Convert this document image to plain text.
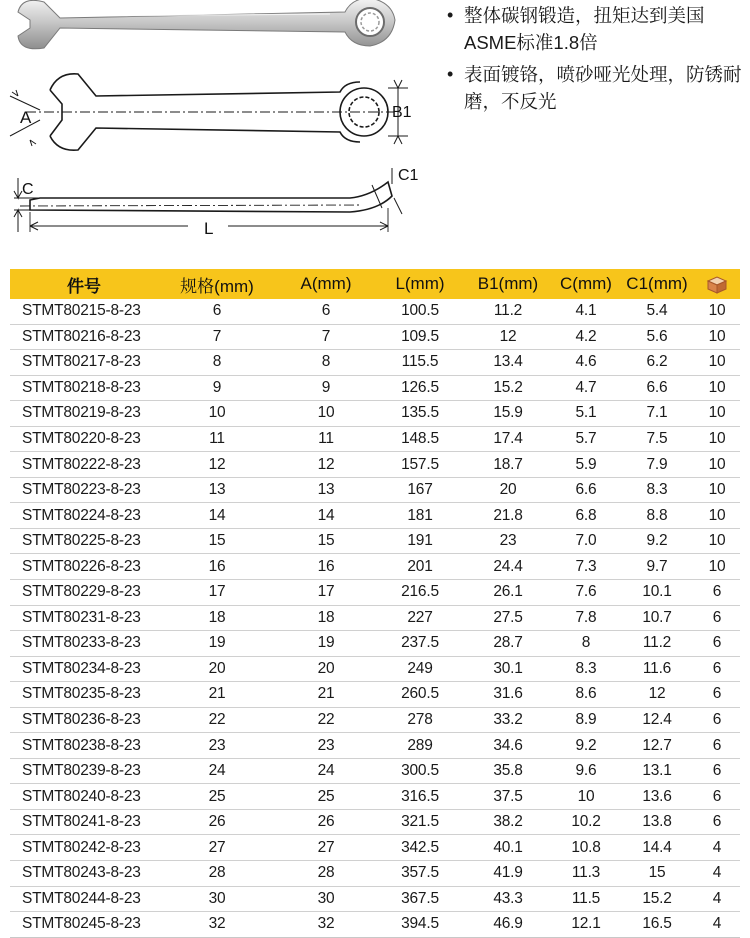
A	B1
C
C1
L
• 整体碳钢锻造，扭矩达到美国ASME标准1.8倍
• 表面镀铬，喷砂哑光处理，防锈耐磨，不反光
件号	规格(mm)	A(mm)	L(mm)	B1(mm)	C(mm)	C1(mm)	
STMT80215-8-23	6	6	100.5	11.2	4.1	5.4	10
STMT80216-8-23	7	7	109.5	12	4.2	5.6	10
STMT80217-8-23	8	8	115.5	13.4	4.6	6.2	10
STMT80218-8-23	9	9	126.5	15.2	4.7	6.6	10
STMT80219-8-23	10	10	135.5	15.9	5.1	7.1	10
STMT80220-8-23	11	11	148.5	17.4	5.7	7.5	10
STMT80222-8-23	12	12	157.5	18.7	5.9	7.9	10
STMT80223-8-23	13	13	167	20	6.6	8.3	10
STMT80224-8-23	14	14	181	21.8	6.8	8.8	10
STMT80225-8-23	15	15	191	23	7.0	9.2	10
STMT80226-8-23	16	16	201	24.4	7.3	9.7	10
STMT80229-8-23	17	17	216.5	26.1	7.6	10.1	6
STMT80231-8-23	18	18	227	27.5	7.8	10.7	6
STMT80233-8-23	19	19	237.5	28.7	8	11.2	6
STMT80234-8-23	20	20	249	30.1	8.3	11.6	6
STMT80235-8-23	21	21	260.5	31.6	8.6	12	6
STMT80236-8-23	22	22	278	33.2	8.9	12.4	6
STMT80238-8-23	23	23	289	34.6	9.2	12.7	6
STMT80239-8-23	24	24	300.5	35.8	9.6	13.1	6
STMT80240-8-23	25	25	316.5	37.5	10	13.6	6
STMT80241-8-23	26	26	321.5	38.2	10.2	13.8	6
STMT80242-8-23	27	27	342.5	40.1	10.8	14.4	4
STMT80243-8-23	28	28	357.5	41.9	11.3	15	4
STMT80244-8-23	30	30	367.5	43.3	11.5	15.2	4
STMT80245-8-23	32	32	394.5	46.9	12.1	16.5	4
